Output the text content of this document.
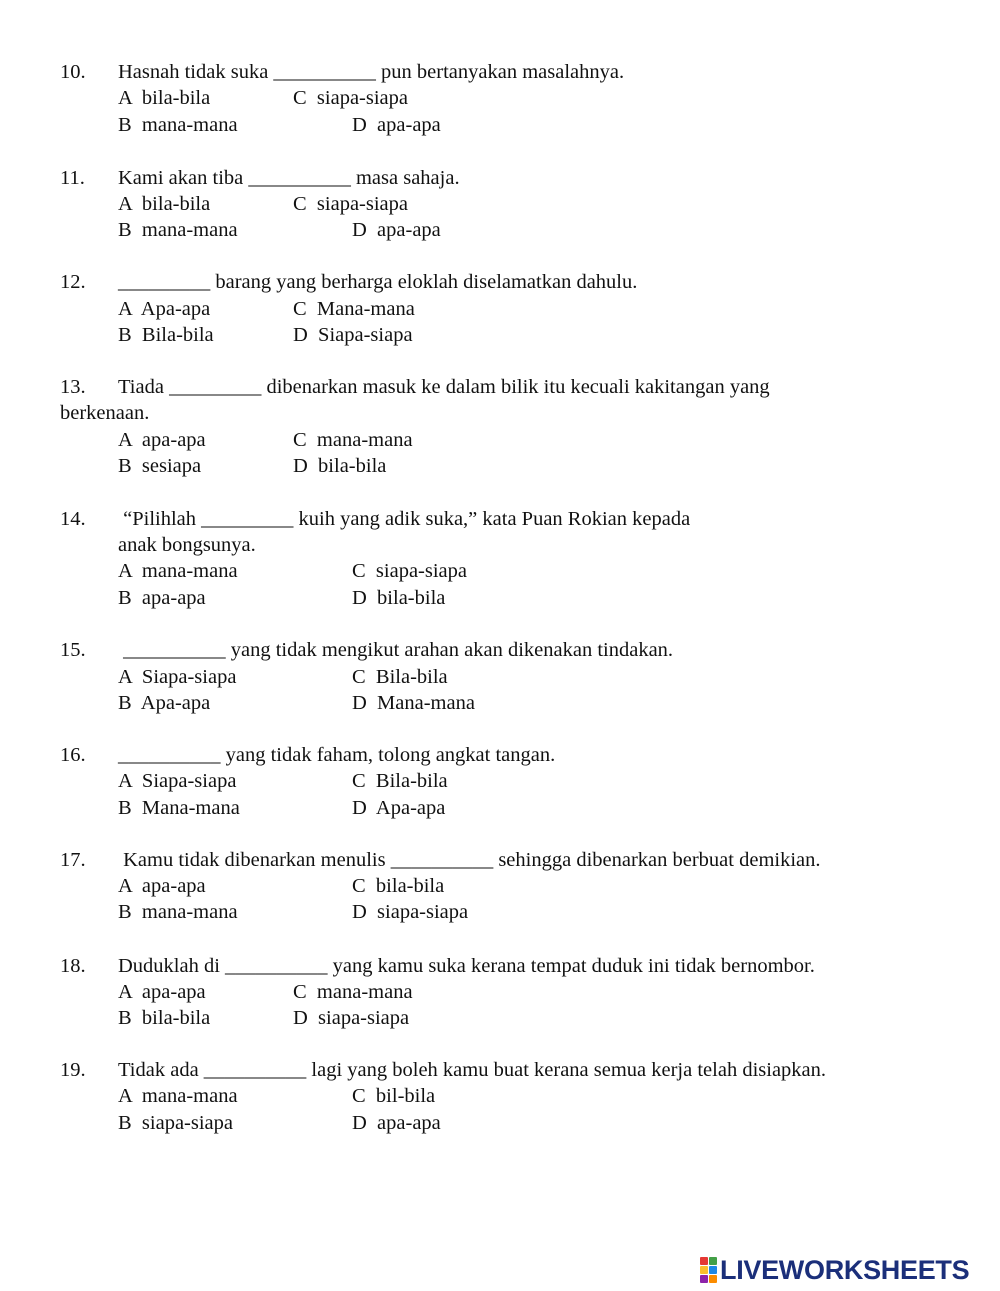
10. Hasnah tidak suka __________ pun bertanyakan masalahnya.
A  bila-bila	C  siapa-siapa
B  mana-mana	D  apa-apa
11. Kami akan tiba __________ masa sahaja.
A  bila-bila	C  siapa-siapa
B  mana-mana	D  apa-apa
12. _________ barang yang berharga eloklah diselamatkan dahulu.
A  Apa-apa	C  Mana-mana
B  Bila-bila	D  Siapa-siapa
13. Tiada _________ dibenarkan masuk ke dalam bilik itu kecuali kakitangan yang
berkenaan.
A  apa-apa	C  mana-mana
B  sesiapa	D  bila-bila
14. “Pilihlah _________ kuih yang adik suka,” kata Puan Rokian kepada
anak bongsunya.
A  mana-mana	C  siapa-siapa
B  apa-apa	D  bila-bila
15. __________ yang tidak mengikut arahan akan dikenakan tindakan.
A  Siapa-siapa	C  Bila-bila
B  Apa-apa	D  Mana-mana
16. __________ yang tidak faham, tolong angkat tangan.
A  Siapa-siapa	C  Bila-bila
B  Mana-mana	D  Apa-apa
17. Kamu tidak dibenarkan menulis __________ sehingga dibenarkan berbuat demikian.
A  apa-apa	C  bila-bila
B  mana-mana	D  siapa-siapa
18. Duduklah di __________ yang kamu suka kerana tempat duduk ini tidak bernombor.
A  apa-apa	C  mana-mana
B  bila-bila	D  siapa-siapa
19. Tidak ada __________ lagi yang boleh kamu buat kerana semua kerja telah disiapkan.
A  mana-mana	C  bil-bila
B  siapa-siapa	D  apa-apa
LIVEWORKSHEETS
